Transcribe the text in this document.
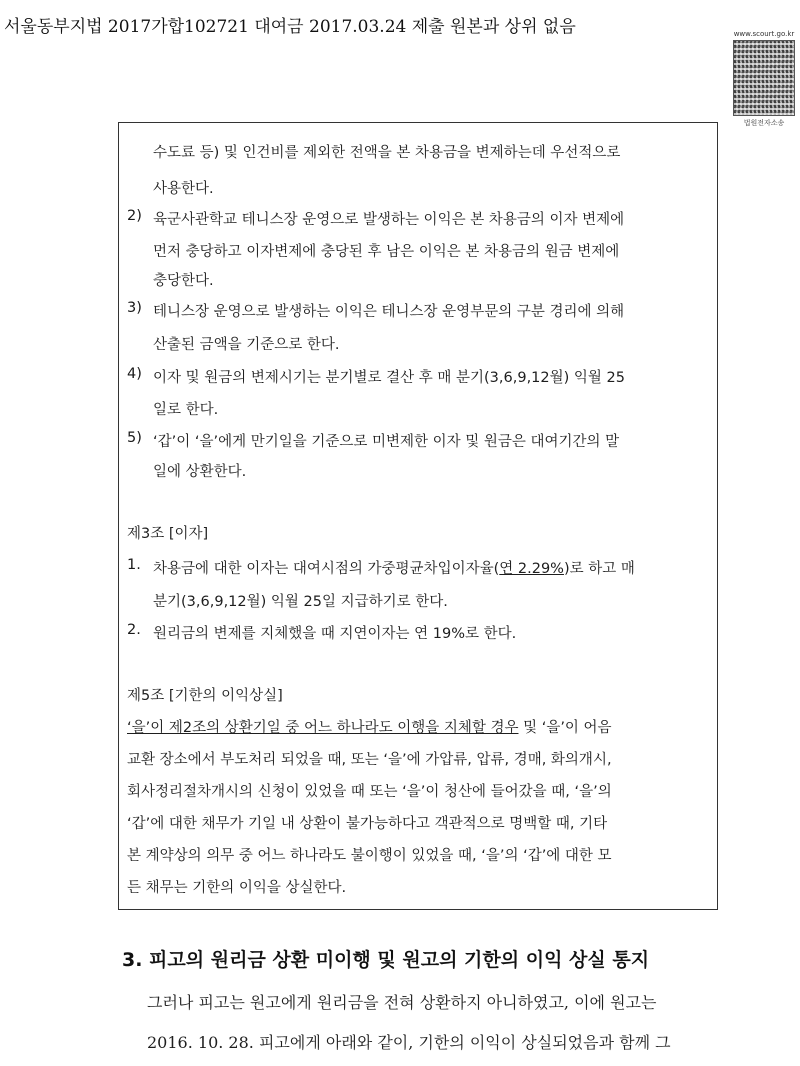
서울동부지법 2017가합102721 대여금 2017.03.24 제출 원본과 상위 없음	www.scourt.go.kr
법원전자소송
수도료 등) 및 인건비를 제외한 전액을 본 차용금을 변제하는데 우선적으로
사용한다.
2) 육군사관학교 테니스장 운영으로 발생하는 이익은 본 차용금의 이자 변제에
먼저 충당하고 이자변제에 충당된 후 남은 이익은 본 차용금의 원금 변제에
충당한다.
3) 테니스장 운영으로 발생하는 이익은 테니스장 운영부문의 구분 경리에 의해
산출된 금액을 기준으로 한다.
4) 이자 및 원금의 변제시기는 분기별로 결산 후 매 분기(3,6,9,12월) 익월 25
일로 한다.
5) ‘갑’이 ‘을’에게 만기일을 기준으로 미변제한 이자 및 원금은 대여기간의 말
일에 상환한다.
제3조 [이자]
1. 차용금에 대한 이자는 대여시점의 가중평균차입이자율(연 2.29%)로 하고 매
분기(3,6,9,12월) 익월 25일 지급하기로 한다.
2. 원리금의 변제를 지체했을 때 지연이자는 연 19%로 한다.
제5조 [기한의 이익상실]
‘을’이 제2조의 상환기일 중 어느 하나라도 이행을 지체할 경우 및 ‘을’이 어음
교환 장소에서 부도처리 되었을 때, 또는 ‘을’에 가압류, 압류, 경매, 화의개시,
회사정리절차개시의 신청이 있었을 때 또는 ‘을’이 청산에 들어갔을 때, ‘을’의
‘갑’에 대한 채무가 기일 내 상환이 불가능하다고 객관적으로 명백할 때, 기타
본 계약상의 의무 중 어느 하나라도 불이행이 있었을 때, ‘을’의 ‘갑’에 대한 모
든 채무는 기한의 이익을 상실한다.
3. 피고의 원리금 상환 미이행 및 원고의 기한의 이익 상실 통지
그러나 피고는 원고에게 원리금을 전혀 상환하지 아니하였고, 이에 원고는
2016. 10. 28. 피고에게 아래와 같이, 기한의 이익이 상실되었음과 함께 그
